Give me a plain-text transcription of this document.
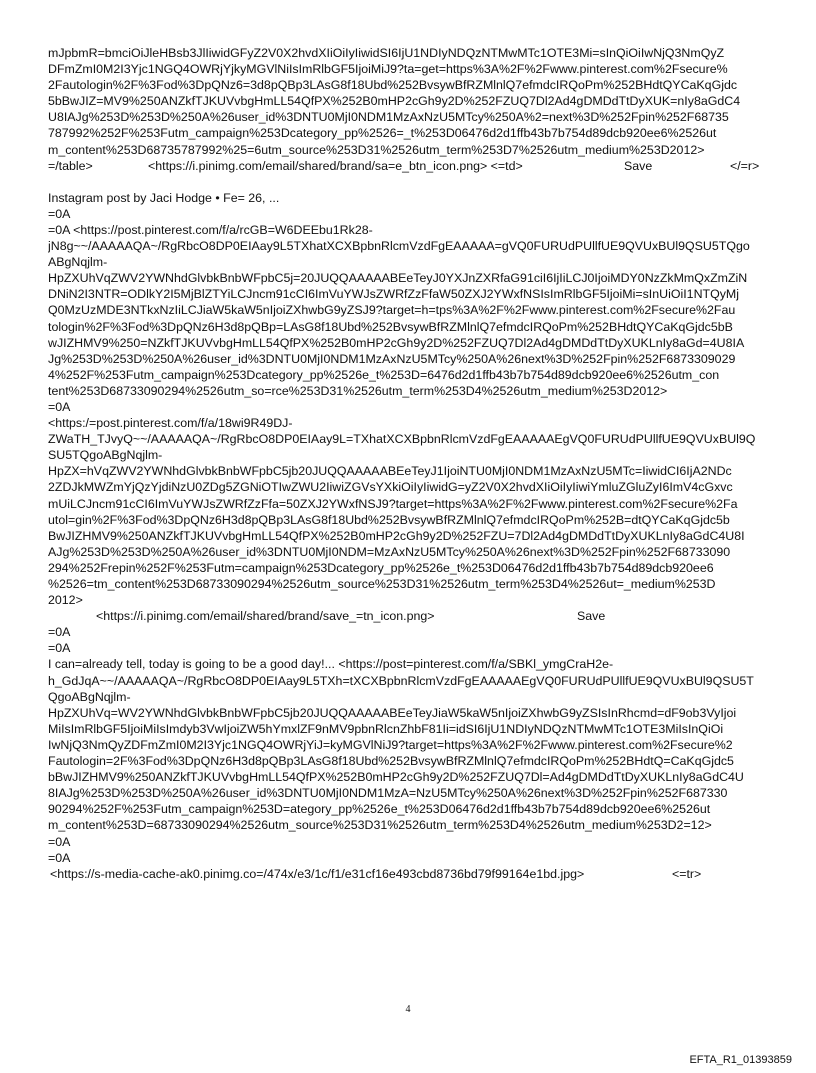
mJpbmR=bmciOiJleHBsb3JlIiwidGFyZ2V0X2hvdXIiOiIyIiwidSI6IjU1NDIyNDQzNTMwMTc1OTE3Mi=sInQiOiIwNjQ3NmQyZ
DFmZmI0M2I3Yjc1NGQ4OWRjYjkyMGVlNiIsImRlbGF5IjoiMiJ9?ta=get=https%3A%2F%2Fwww.pinterest.com%2Fsecure%
2Fautologin%2F%3Fod%3DpQNz6=3d8pQBp3LAsG8f18Ubd%252BvsywBfRZMlnlQ7efmdcIRQoPm%252BHdtQYCaKqGjdc
5bBwJIZ=MV9%250ANZkfTJKUVvbgHmLL54QfPX%252B0mHP2cGh9y2D%252FZUQ7Dl2Ad4gDMDdTtDyXUK=nIy8aGdC4
U8IAJg%253D%253D%250A%26user_id%3DNTU0MjI0NDM1MzAxNzU5MTcy%250A%2=next%3D%252Fpin%252F68735
787992%252F%253Futm_campaign%253Dcategory_pp%2526=_t%253D06476d2d1ffb43b7b754d89dcb920ee6%2526ut
m_content%253D68735787992%25=6utm_source%253D31%2526utm_term%253D7%2526utm_medium%253D2012>
=/table>	<https://i.pinimg.com/email/shared/brand/sa=e_btn_icon.png> <=td>	Save	</=r>
Instagram post by Jaci Hodge • Fe= 26, ...
=0A
=0A <https://post.pinterest.com/f/a/rcGB=W6DEEbu1Rk28-
jN8g~~/AAAAAQA~/RgRbcO8DP0EIAay9L5TXhatXCXBpbnRlcmVzdFgEAAAAA=gVQ0FURUdPUllfUE9QVUxBUl9QSU5TQgo
ABgNqjlm-
HpZXUhVqZWV2YWNhdGlvbkBnbWFpbC5j=20JUQQAAAAABEeTeyJ0YXJnZXRfaG91ciI6IjIiLCJ0IjoiMDY0NzZkMmQxZmZiN
DNiN2I3NTR=ODlkY2I5MjBlZTYiLCJncm91cCI6ImVuYWJsZWRfZzFfaW50ZXJ2YWxfNSIsImRlbGF5IjoiMi=sInUiOiI1NTQyMj
Q0MzUzMDE3NTkxNzIiLCJiaW5kaW5nIjoiZXhwbG9yZSJ9?target=h=tps%3A%2F%2Fwww.pinterest.com%2Fsecure%2Fau
tologin%2F%3Fod%3DpQNz6H3d8pQBp=LAsG8f18Ubd%252BvsywBfRZMlnlQ7efmdcIRQoPm%252BHdtQYCaKqGjdc5bB
wJIZHMV9%250=NZkfTJKUVvbgHmLL54QfPX%252B0mHP2cGh9y2D%252FZUQ7Dl2Ad4gDMDdTtDyXUKLnIy8aGd=4U8IA
Jg%253D%253D%250A%26user_id%3DNTU0MjI0NDM1MzAxNzU5MTcy%250A%26next%3D%252Fpin%252F6873309029
4%252F%253Futm_campaign%253Dcategory_pp%2526e_t%253D=6476d2d1ffb43b7b754d89dcb920ee6%2526utm_con
tent%253D68733090294%2526utm_so=rce%253D31%2526utm_term%253D4%2526utm_medium%253D2012>
=0A
<https:/=post.pinterest.com/f/a/18wi9R49DJ-
ZWaTH_TJvyQ~~/AAAAAQA~/RgRbcO8DP0EIAay9L=TXhatXCXBpbnRlcmVzdFgEAAAAAEgVQ0FURUdPUllfUE9QVUxBUl9Q
SU5TQgoABgNqjlm-
HpZX=hVqZWV2YWNhdGlvbkBnbWFpbC5jb20JUQQAAAAABEeTeyJ1IjoiNTU0MjI0NDM1MzAxNzU5MTc=IiwidCI6IjA2NDc
2ZDJkMWZmYjQzYjdiNzU0ZDg5ZGNiOTIwZWU2IiwiZGVsYXkiOiIyIiwidG=yZ2V0X2hvdXIiOiIyIiwiYmluZGluZyI6ImV4cGxvc
mUiLCJncm91cCI6ImVuYWJsZWRfZzFfa=50ZXJ2YWxfNSJ9?target=https%3A%2F%2Fwww.pinterest.com%2Fsecure%2Fa
utol=gin%2F%3Fod%3DpQNz6H3d8pQBp3LAsG8f18Ubd%252BvsywBfRZMlnlQ7efmdcIRQoPm%252B=dtQYCaKqGjdc5b
BwJIZHMV9%250ANZkfTJKUVvbgHmLL54QfPX%252B0mHP2cGh9y2D%252FZU=7Dl2Ad4gDMDdTtDyXUKLnIy8aGdC4U8I
AJg%253D%253D%250A%26user_id%3DNTU0MjI0NDM=MzAxNzU5MTcy%250A%26next%3D%252Fpin%252F68733090
294%252Frepin%252F%253Futm=campaign%253Dcategory_pp%2526e_t%253D06476d2d1ffb43b7b754d89dcb920ee6
%2526=tm_content%253D68733090294%2526utm_source%253D31%2526utm_term%253D4%2526ut=_medium%253D
2012>
<https://i.pinimg.com/email/shared/brand/save_=tn_icon.png>	Save
=0A
=0A
I can=already tell, today is going to be a good day!... <https://post=pinterest.com/f/a/SBKl_ymgCraH2e-
h_GdJqA~~/AAAAAQA~/RgRbcO8DP0EIAay9L5TXh=tXCXBpbnRlcmVzdFgEAAAAAEgVQ0FURUdPUllfUE9QVUxBUl9QSU5T
QgoABgNqjlm-
HpZXUhVq=WV2YWNhdGlvbkBnbWFpbC5jb20JUQQAAAAABEeTeyJiaW5kaW5nIjoiZXhwbG9yZSIsInRhcmd=dF9ob3VyIjoi
MiIsImRlbGF5IjoiMiIsImdyb3VwIjoiZW5hYmxlZF9nMV9pbnRlcnZhbF81Ii=idSI6IjU1NDIyNDQzNTMwMTc1OTE3MiIsInQiOi
IwNjQ3NmQyZDFmZmI0M2I3Yjc1NGQ4OWRjYiJ=kyMGVlNiJ9?target=https%3A%2F%2Fwww.pinterest.com%2Fsecure%2
Fautologin=2F%3Fod%3DpQNz6H3d8pQBp3LAsG8f18Ubd%252BvsywBfRZMlnlQ7efmdcIRQoPm%252BHdtQ=CaKqGjdc5
bBwJIZHMV9%250ANZkfTJKUVvbgHmLL54QfPX%252B0mHP2cGh9y2D%252FZUQ7Dl=Ad4gDMDdTtDyXUKLnIy8aGdC4U
8IAJg%253D%253D%250A%26user_id%3DNTU0MjI0NDM1MzA=NzU5MTcy%250A%26next%3D%252Fpin%252F687330
90294%252F%253Futm_campaign%253D=ategory_pp%2526e_t%253D06476d2d1ffb43b7b754d89dcb920ee6%2526ut
m_content%253D=68733090294%2526utm_source%253D31%2526utm_term%253D4%2526utm_medium%253D2=12>
=0A
=0A
<https://s-media-cache-ak0.pinimg.co=/474x/e3/1c/f1/e31cf16e493cbd8736bd79f99164e1bd.jpg>	<=tr>
4
EFTA_R1_01393859
